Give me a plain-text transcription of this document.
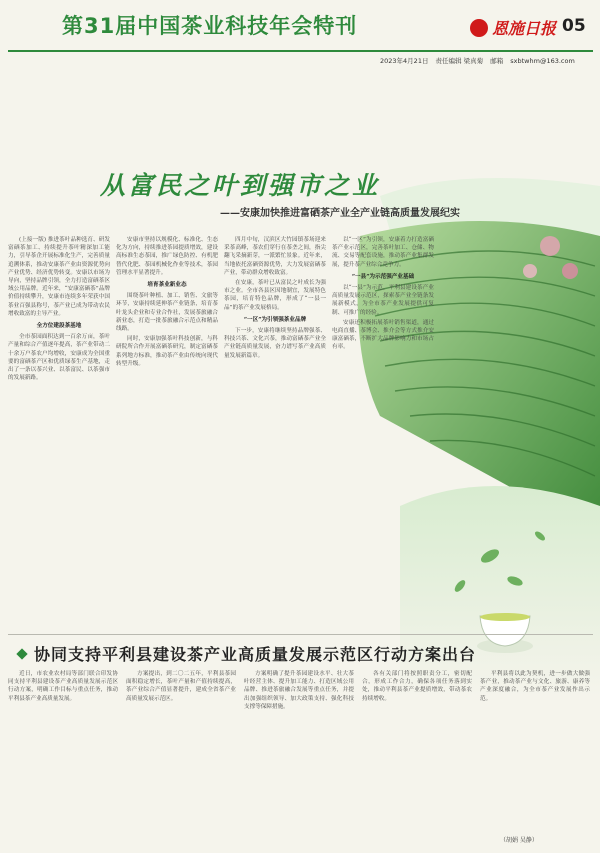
第31届中国茶业科技年会特刊	恩施日报 05
2023年4月21日 责任编辑 梁真菊 邮箱 sxbtwhm@163.com
从富民之叶到强市之业
——安康加快推进富硒茶产业全产业链高质量发展纪实

(上接一版) 推进茶叶品种选育、研发富硒茶加工、持续提升茶叶精深加工能力，引导茶企开展标准化生产，完善质量追溯体系，推动安康茶产业由资源优势向产业优势、经济优势转变。安康以市场为导向，坚持品牌引领，全力打造富硒茶区域公用品牌。近年来，“安康富硒茶”品牌价值持续攀升，安康市连续多年荣获中国茶业百强县称号，茶产业已成为带动农民增收致富的主导产业。

全方位建設茶基地

全市茶园面积达到一百余万亩，茶叶产量和综合产值逐年提高，茶产业带动二十余万户茶农户均增收，安康成为全国重要的富硒茶产区和优质绿茶生产基地，走出了一条以茶兴业、以茶富民、以茶强市的发展新路。

安康市坚持以规模化、标准化、生态化为方向，持续推进茶园提质增效，建设高标准生态茶园，推广绿色防控、有机肥替代化肥、茶园机械化作业等技术，茶园管理水平显著提升。

培育茶业新业态

围绕茶叶种植、加工、销售、文旅等环节，安康持续延伸茶产业链条，培育茶叶龙头企业和专业合作社，发展茶旅融合新业态，打造一批茶旅融合示范点和精品线路。

同时，安康加强茶叶科技创新，与科研院所合作开展富硒茶研究，制定富硒茶系列地方标准，推动茶产业由传统向现代转型升级。

四月中旬，汉滨区大竹园镇茶场迎来采茶高峰，茶农们穿行在茶垄之间，指尖翻飞采摘新芽，一派繁忙景象。近年来，当地依托富硒资源优势，大力发展富硒茶产业，带动群众增收致富。

在安康，茶叶已从富民之叶成长为强市之业。全市各县区因地制宜，发展特色茶园，培育特色品牌，形成了“一县一品”的茶产业发展格局。

“一区”为引领强茶业品牌

下一步，安康将继续坚持品牌强茶、科技兴茶、文化兴茶，推动富硒茶产业全产业链高质量发展，奋力谱写茶产业高质量发展新篇章。

以“一区”为引领，安康着力打造富硒茶产业示范区，完善茶叶加工、仓储、物流、交易等配套设施，推动茶产业集群发展，提升茶产业综合竞争力。

“一县”为示范强产业基础

以“一县”为示范，平利县建设茶产业高质量发展示范区，探索茶产业全链条发展新模式，为全市茶产业发展提供可复制、可推广的经验。

安康还积极拓展茶叶销售渠道，通过电商直播、茶博会、推介会等方式推介安康富硒茶，不断扩大品牌影响力和市场占有率。

协同支持平利县建设茶产业高质量发展示范区行动方案出台

近日，市农业农村局等部门联合印发协同支持平利县建设茶产业高质量发展示范区行动方案，明确工作目标与重点任务，推动平利县茶产业高质量发展。

方案提出，到二〇二五年，平利县茶园面积稳定增长，茶叶产量和产值持续提高，茶产业综合产值显著提升，建成全省茶产业高质量发展示范区。

方案明确了提升茶园建设水平、壮大茶叶经营主体、提升加工能力、打造区域公用品牌、推进茶旅融合发展等重点任务，并提出加强组织领导、加大政策支持、强化科技支撑等保障措施。

各有关部门将按照职责分工，密切配合，形成工作合力，确保各项任务落到实处，推动平利县茶产业提质增效，带动茶农持续增收。

平利县将以此为契机，进一步做大做强茶产业，推动茶产业与文化、旅游、康养等产业深度融合，为全市茶产业发展作出示范。

（胡娟 吴静）
